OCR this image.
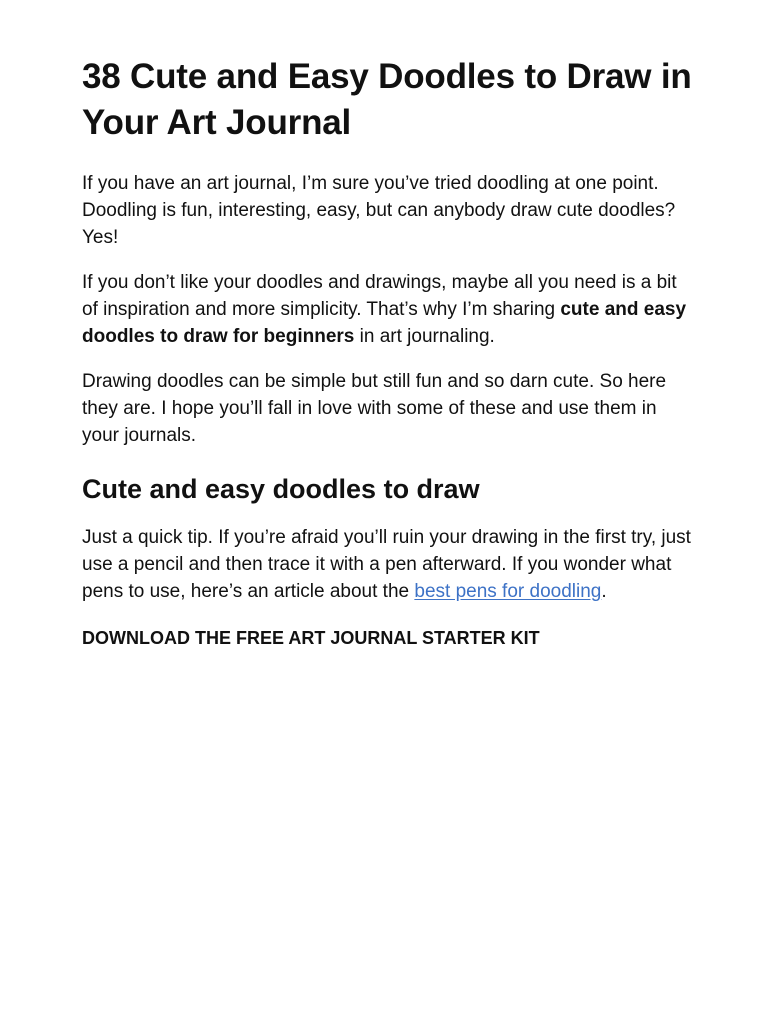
38 Cute and Easy Doodles to Draw in Your Art Journal

If you have an art journal, I’m sure you’ve tried doodling at one point. Doodling is fun, interesting, easy, but can anybody draw cute doodles? Yes!

If you don’t like your doodles and drawings, maybe all you need is a bit of inspiration and more simplicity. That’s why I’m sharing cute and easy doodles to draw for beginners in art journaling.

Drawing doodles can be simple but still fun and so darn cute. So here they are. I hope you’ll fall in love with some of these and use them in your journals.

Cute and easy doodles to draw

Just a quick tip. If you’re afraid you’ll ruin your drawing in the first try, just use a pencil and then trace it with a pen afterward. If you wonder what pens to use, here’s an article about the best pens for doodling.

DOWNLOAD THE FREE ART JOURNAL STARTER KIT
